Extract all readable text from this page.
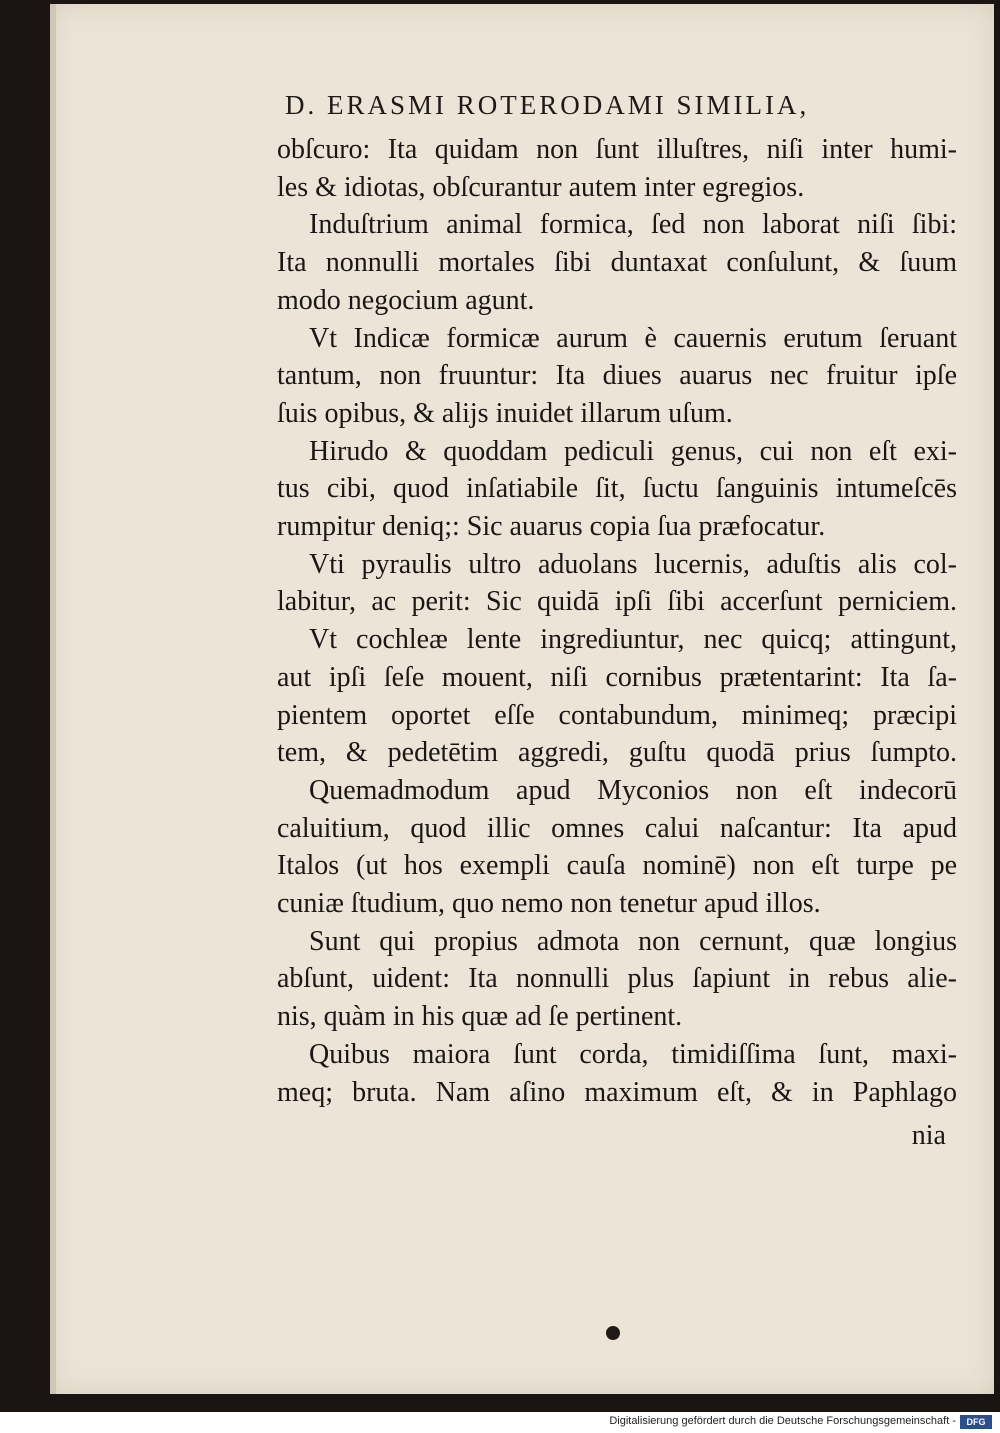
D. ERASMI ROTERODAMI SIMILIA,

obſcuro: Ita quidam non ſunt illuſtres, niſi inter humi-
les & idiotas, obſcurantur autem inter egregios.

Induſtrium animal formica, ſed non laborat niſi ſibi:
Ita nonnulli mortales ſibi duntaxat conſulunt, & ſuum
modo negocium agunt.

Vt Indicæ formicæ aurum è cauernis erutum ſeruant
tantum, non fruuntur: Ita diues auarus nec fruitur ipſe
ſuis opibus, & alijs inuidet illarum uſum.

Hirudo & quoddam pediculi genus, cui non eſt exi-
tus cibi, quod inſatiabile ſit, ſuctu ſanguinis intumeſcēs
rumpitur deniq;: Sic auarus copia ſua præfocatur.

Vti pyraulis ultro aduolans lucernis, aduſtis alis col-
labitur, ac perit: Sic quidā ipſi ſibi accerſunt perniciem.

Vt cochleæ lente ingrediuntur, nec quicq; attingunt,
aut ipſi ſeſe mouent, niſi cornibus prætentarint: Ita ſa-
pientem oportet eſſe contabundum, minimeq; præcipi
tem, & pedetētim aggredi, guſtu quodā prius ſumpto.

Quemadmodum apud Myconios non eſt indecorū
caluitium, quod illic omnes calui naſcantur: Ita apud
Italos (ut hos exempli cauſa nominē) non eſt turpe pe
cuniæ ſtudium, quo nemo non tenetur apud illos.

Sunt qui propius admota non cernunt, quæ longius
abſunt, uident: Ita nonnulli plus ſapiunt in rebus alie-
nis, quàm in his quæ ad ſe pertinent.

Quibus maiora ſunt corda, timidiſſima ſunt, maxi-
meq; bruta. Nam aſino maximum eſt, & in Paphlago

nia
Digitalisierung gefördert durch die Deutsche Forschungsgemeinschaft -	DFG
